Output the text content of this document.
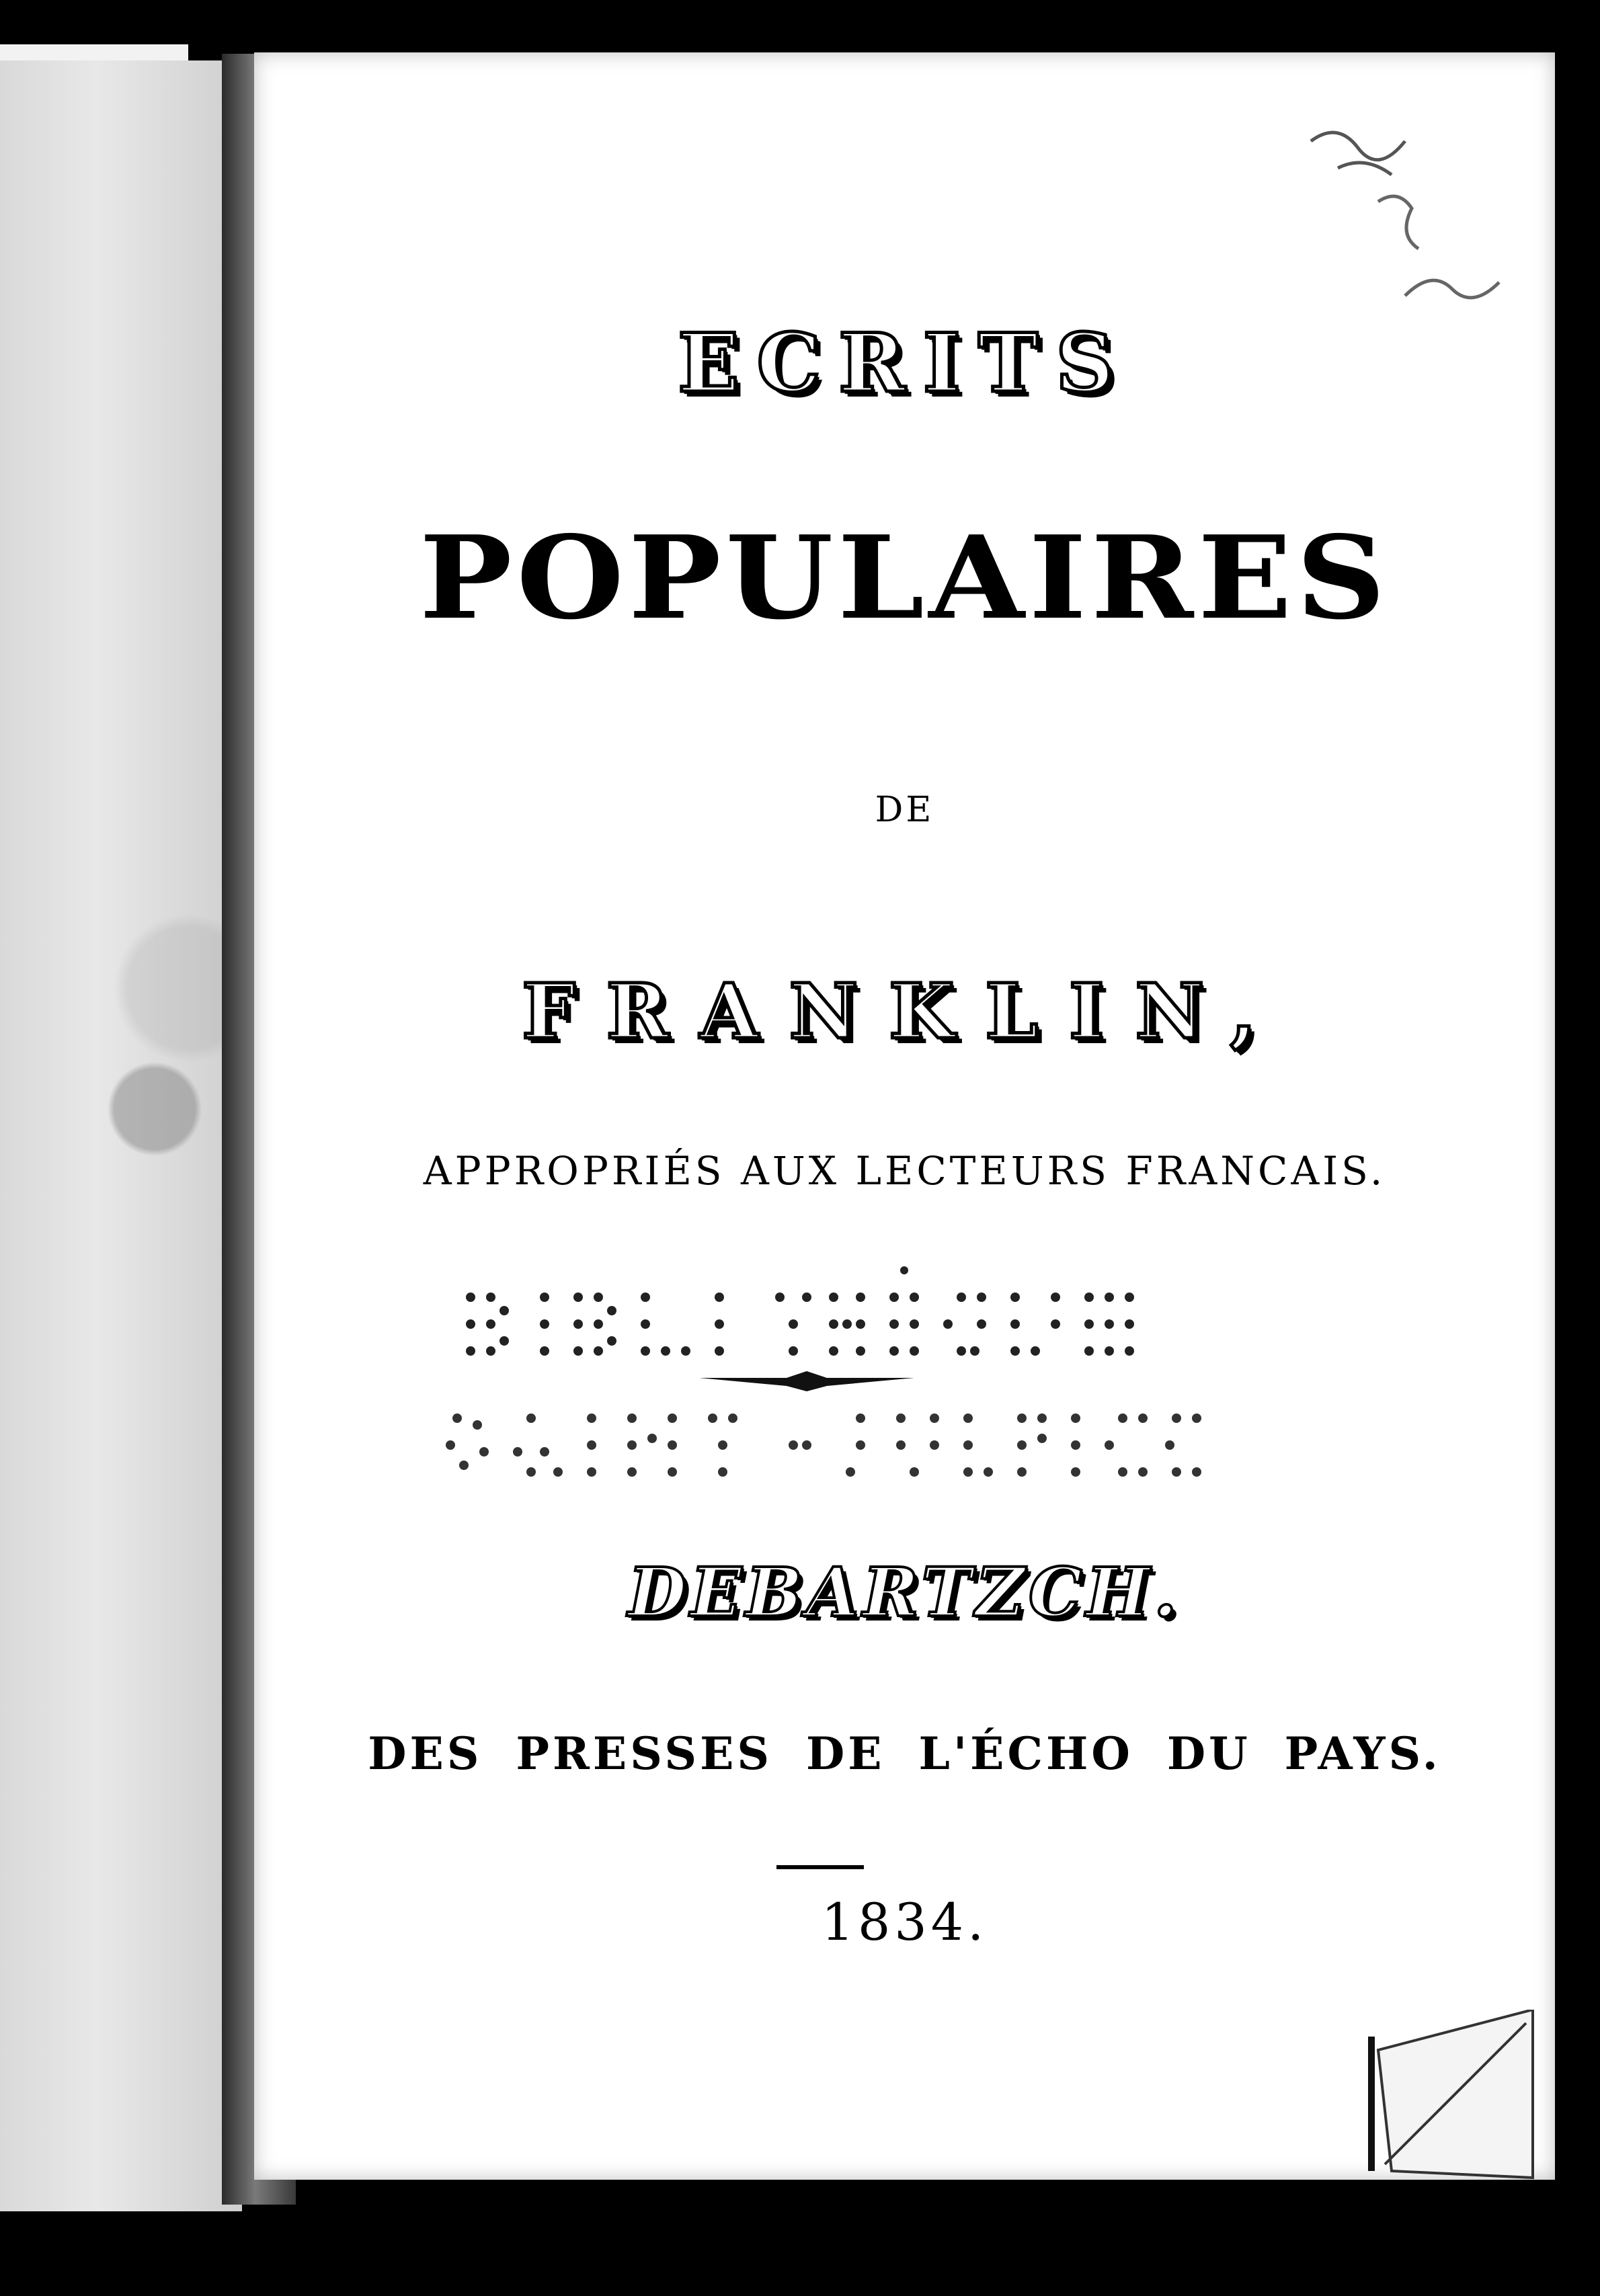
ECRITS
POPULAIRES
DE
FRANKLIN,
APPROPRIÉS AUX LECTEURS FRANCAIS.
DEBARTZCH.
DES PRESSES DE L'ÉCHO DU PAYS.
1834.
